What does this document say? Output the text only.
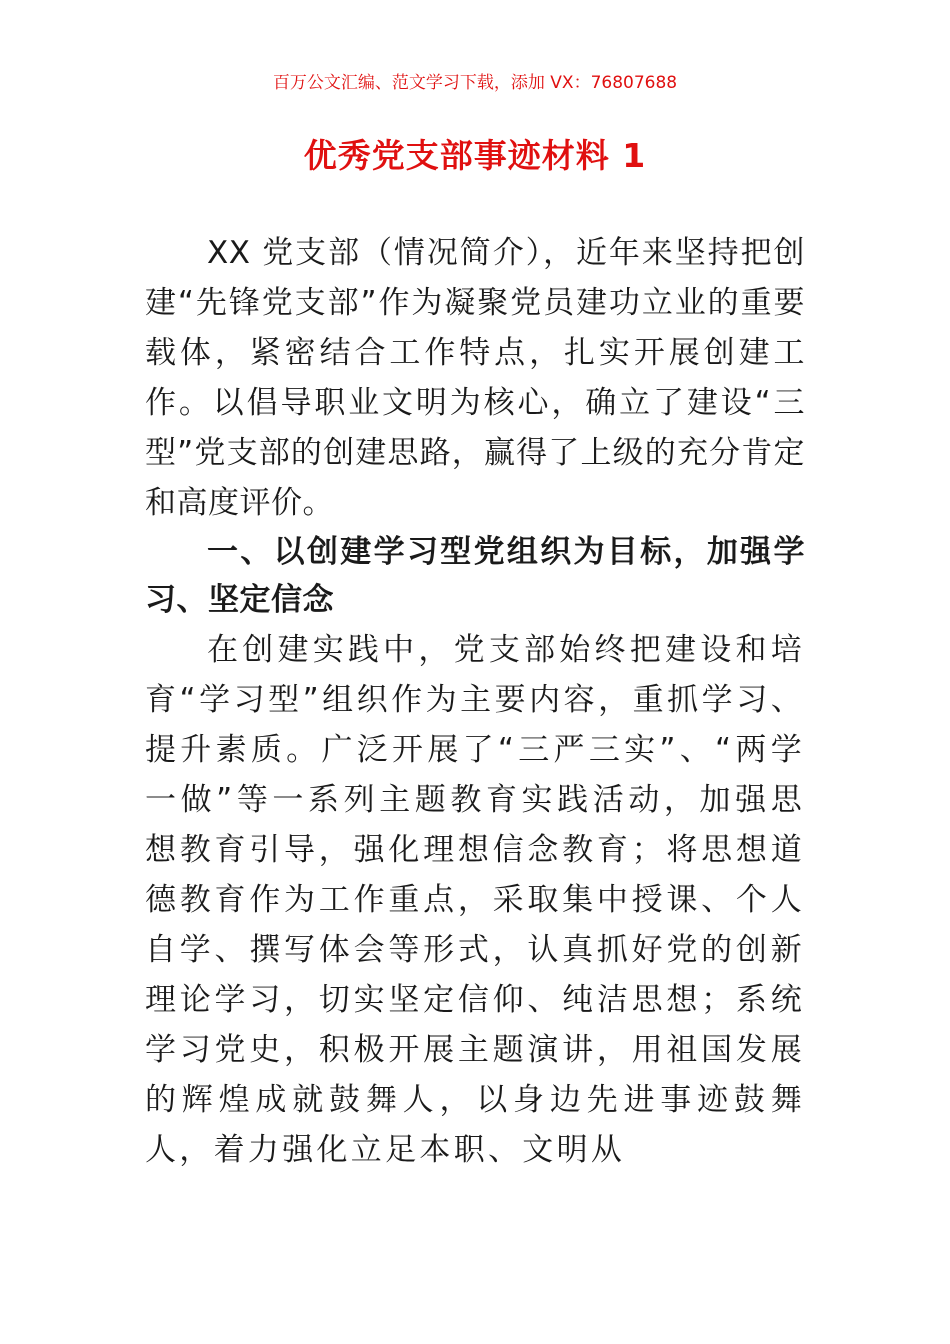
百万公文汇编、范文学习下载，添加 VX：76807688
优秀党支部事迹材料 1

XX 党支部（情况简介），近年来坚持把创建“先锋党支部”作为凝聚党员建功立业的重要载体，紧密结合工作特点，扎实开展创建工作。以倡导职业文明为核心，确立了建设“三型”党支部的创建思路，赢得了上级的充分肯定和高度评价。

一、以创建学习型党组织为目标，加强学习、坚定信念

在创建实践中，党支部始终把建设和培育“学习型”组织作为主要内容，重抓学习、提升素质。广泛开展了“三严三实”、“两学一做”等一系列主题教育实践活动，加强思想教育引导，强化理想信念教育；将思想道德教育作为工作重点，采取集中授课、个人自学、撰写体会等形式，认真抓好党的创新理论学习，切实坚定信仰、纯洁思想；系统学习党史，积极开展主题演讲，用祖国发展的辉煌成就鼓舞人，以身边先进事迹鼓舞人，着力强化立足本职、文明从
